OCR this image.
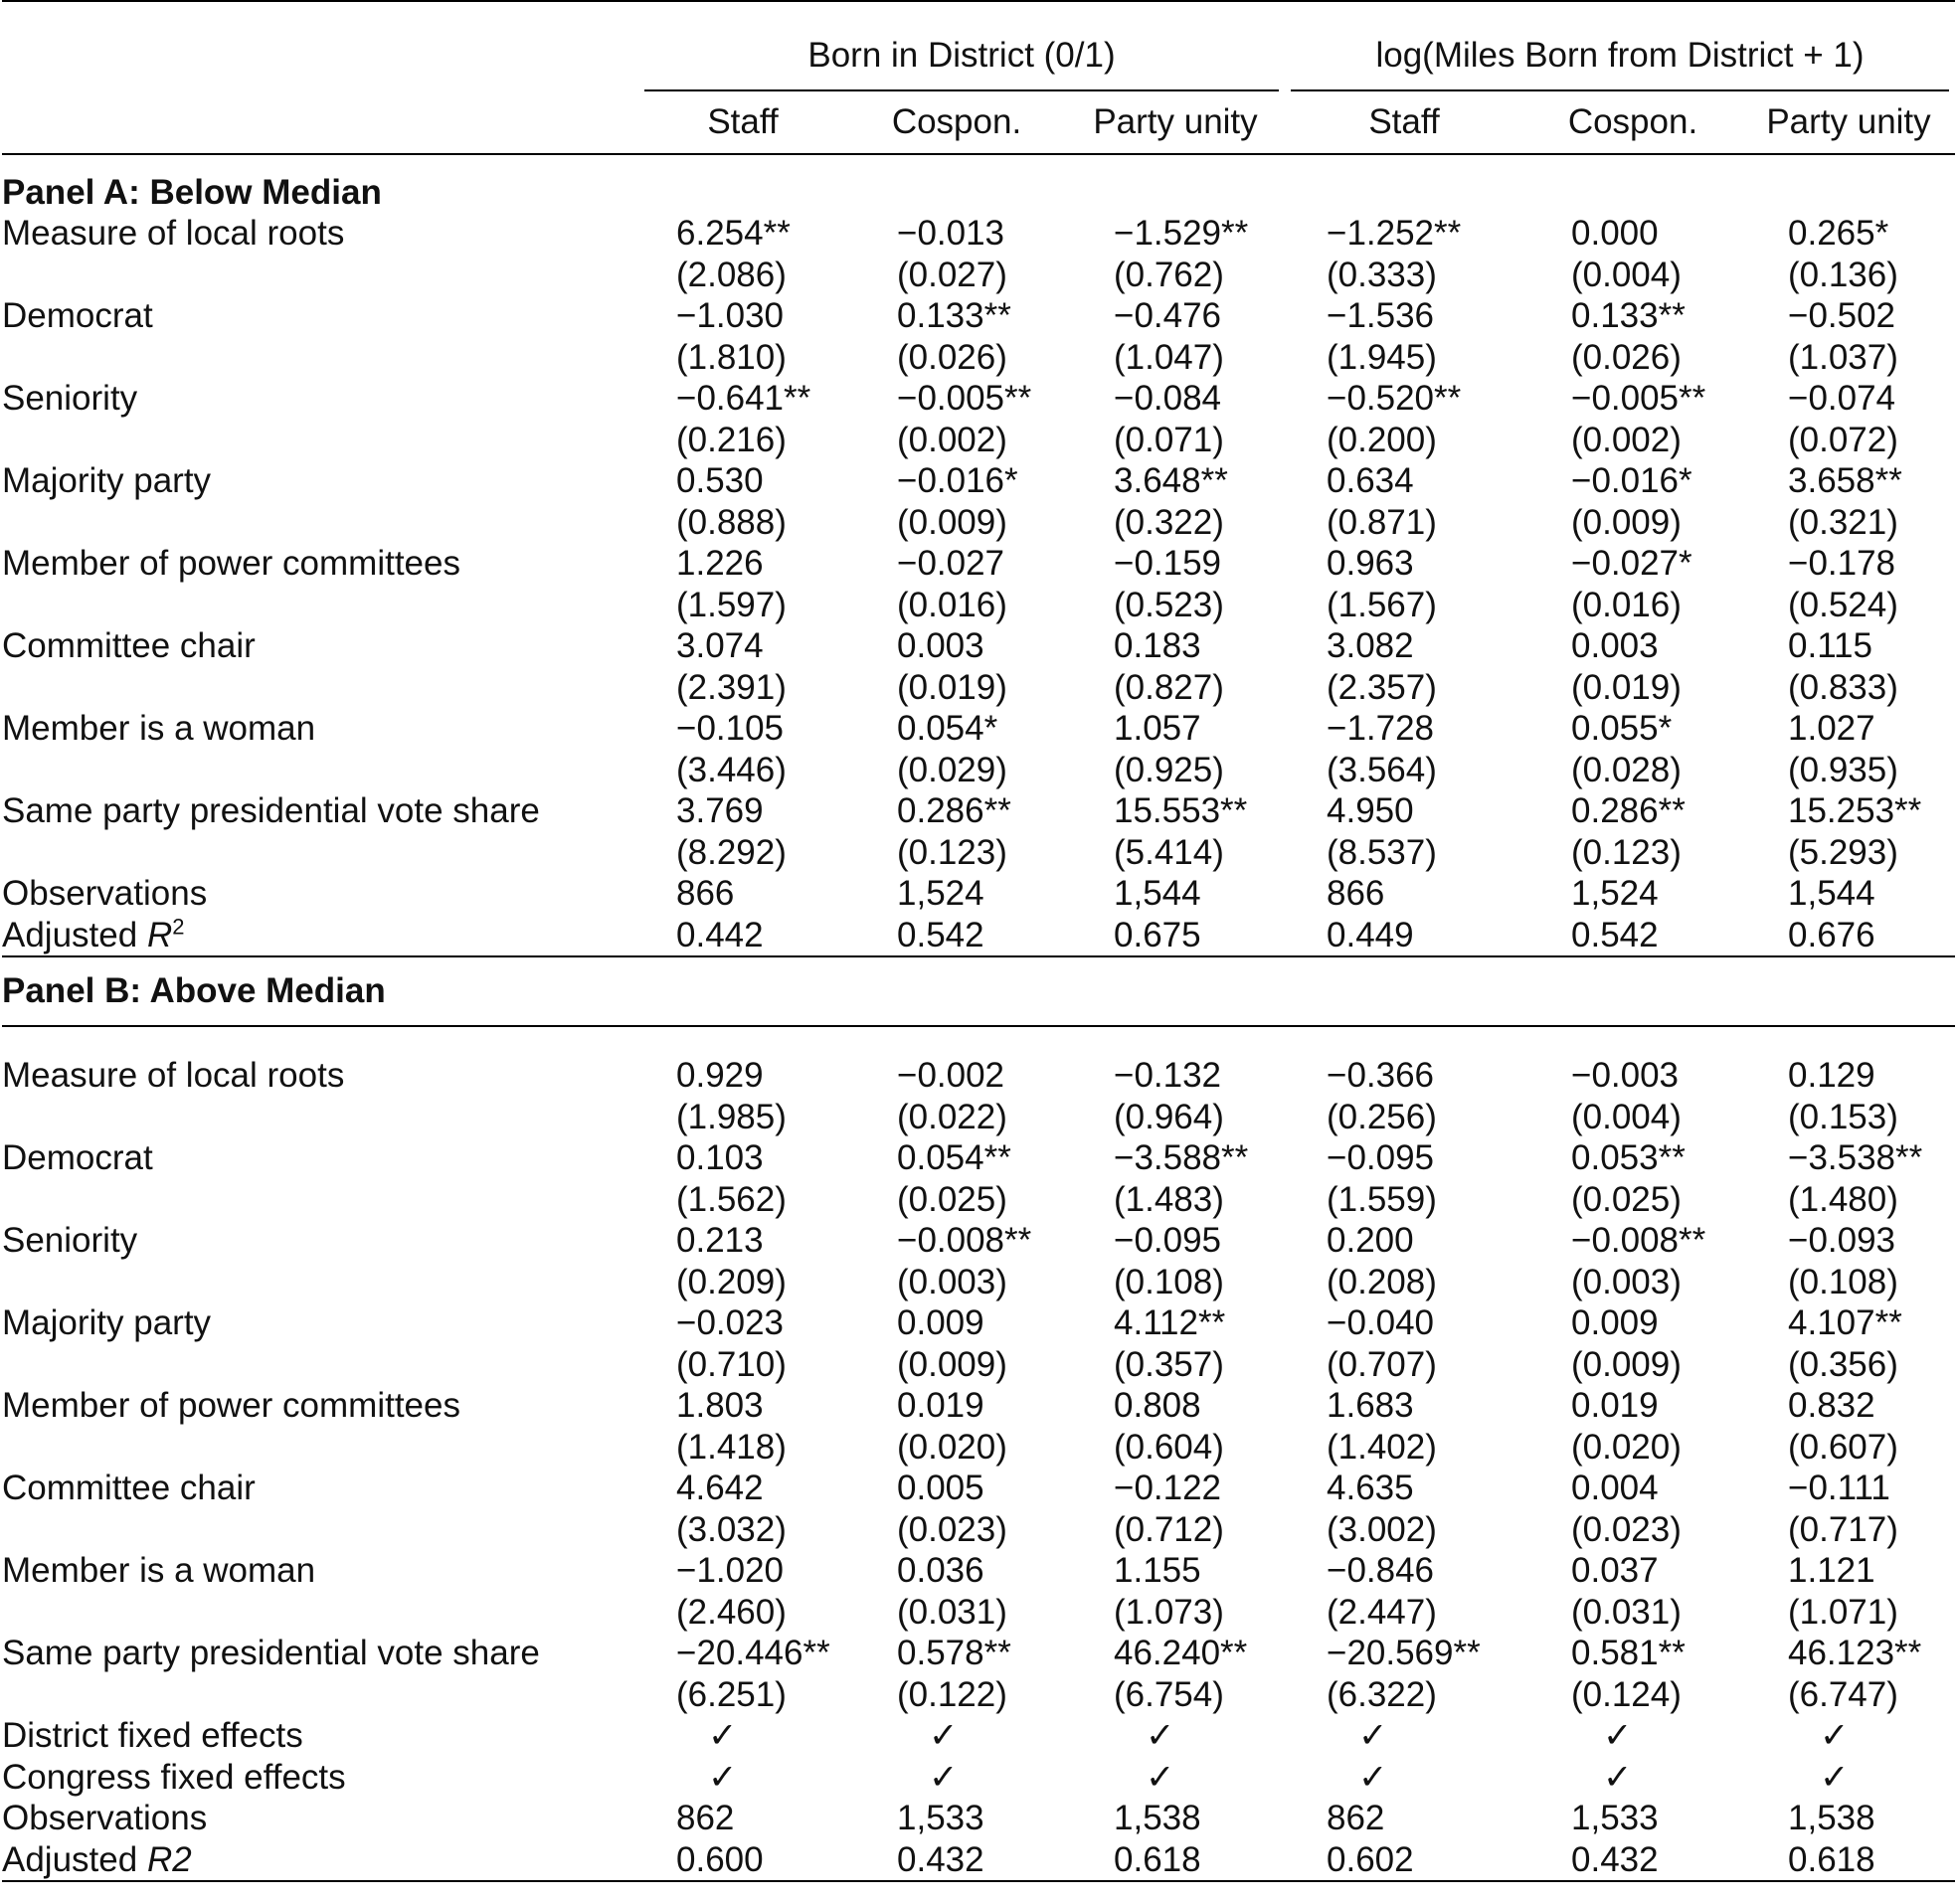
	Born in District (0/1)			log(Miles Born from District + 1)		

	Staff	Cospon.	Party unity	Staff	Cospon.	Party unity

Panel A: Below Median						
Measure of local roots	6.254**	−0.013	−1.529**	−1.252**	0.000	0.265*
	(2.086)	(0.027)	(0.762)	(0.333)	(0.004)	(0.136)
Democrat	−1.030	0.133**	−0.476	−1.536	0.133**	−0.502
	(1.810)	(0.026)	(1.047)	(1.945)	(0.026)	(1.037)
Seniority	−0.641**	−0.005**	−0.084	−0.520**	−0.005**	−0.074
	(0.216)	(0.002)	(0.071)	(0.200)	(0.002)	(0.072)
Majority party	0.530	−0.016*	3.648**	0.634	−0.016*	3.658**
	(0.888)	(0.009)	(0.322)	(0.871)	(0.009)	(0.321)
Member of power committees	1.226	−0.027	−0.159	0.963	−0.027*	−0.178
	(1.597)	(0.016)	(0.523)	(1.567)	(0.016)	(0.524)
Committee chair	3.074	0.003	0.183	3.082	0.003	0.115
	(2.391)	(0.019)	(0.827)	(2.357)	(0.019)	(0.833)
Member is a woman	−0.105	0.054*	1.057	−1.728	0.055*	1.027
	(3.446)	(0.029)	(0.925)	(3.564)	(0.028)	(0.935)
Same party presidential vote share	3.769	0.286**	15.553**	4.950	0.286**	15.253**
	(8.292)	(0.123)	(5.414)	(8.537)	(0.123)	(5.293)
Observations	866	1,524	1,544	866	1,524	1,544
Adjusted $R^2$	0.442	0.542	0.675	0.449	0.542	0.676

Panel B: Above Median						

Measure of local roots	0.929	−0.002	−0.132	−0.366	−0.003	0.129
	(1.985)	(0.022)	(0.964)	(0.256)	(0.004)	(0.153)
Democrat	0.103	0.054**	−3.588**	−0.095	0.053**	−3.538**
	(1.562)	(0.025)	(1.483)	(1.559)	(0.025)	(1.480)
Seniority	0.213	−0.008**	−0.095	0.200	−0.008**	−0.093
	(0.209)	(0.003)	(0.108)	(0.208)	(0.003)	(0.108)
Majority party	−0.023	0.009	4.112**	−0.040	0.009	4.107**
	(0.710)	(0.009)	(0.357)	(0.707)	(0.009)	(0.356)
Member of power committees	1.803	0.019	0.808	1.683	0.019	0.832
	(1.418)	(0.020)	(0.604)	(1.402)	(0.020)	(0.607)
Committee chair	4.642	0.005	−0.122	4.635	0.004	−0.111
	(3.032)	(0.023)	(0.712)	(3.002)	(0.023)	(0.717)
Member is a woman	−1.020	0.036	1.155	−0.846	0.037	1.121
	(2.460)	(0.031)	(1.073)	(2.447)	(0.031)	(1.071)
Same party presidential vote share	−20.446**	0.578**	46.240**	−20.569**	0.581**	46.123**
	(6.251)	(0.122)	(6.754)	(6.322)	(0.124)	(6.747)
District fixed effects	✓	✓	✓	✓	✓	✓
Congress fixed effects	✓	✓	✓	✓	✓	✓
Observations	862	1,533	1,538	862	1,533	1,538
Adjusted R2	0.600	0.432	0.618	0.602	0.432	0.618
